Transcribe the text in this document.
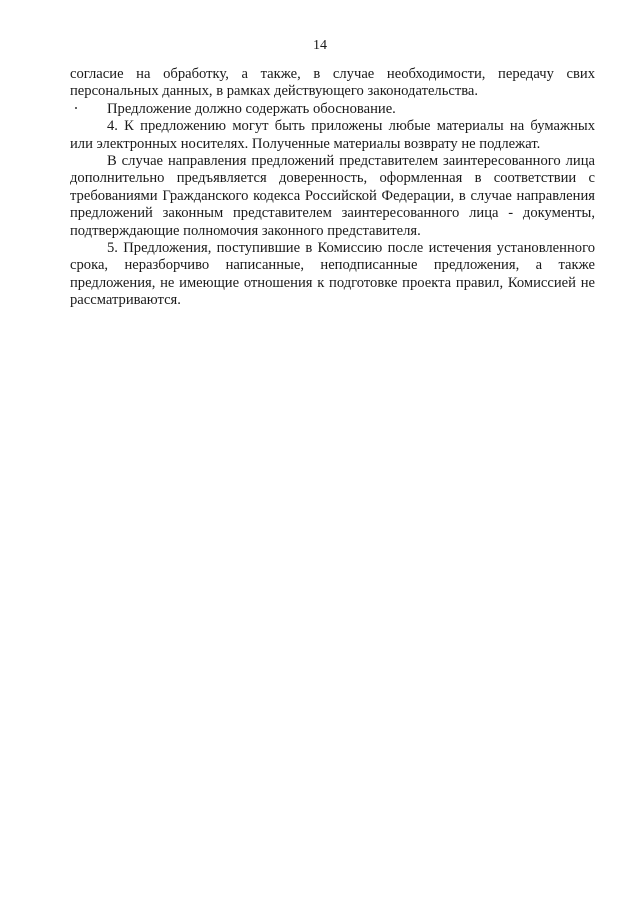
14

согласие на обработку, а также, в случае необходимости, передачу свих персональных данных, в рамках действующего законодательства.

Предложение должно содержать обоснование.

4. К предложению могут быть приложены любые материалы на бумажных или электронных носителях. Полученные материалы возврату не подлежат.

В случае направления предложений представителем заинтересованного лица дополнительно предъявляется доверенность, оформленная в соответствии с требованиями Гражданского кодекса Российской Федерации, в случае направления предложений законным представителем заинтересованного лица - документы, подтверждающие полномочия законного представителя.

5. Предложения, поступившие в Комиссию после истечения установленного срока, неразборчиво написанные, неподписанные предложения, а также предложения, не имеющие отношения к подготовке проекта правил, Комиссией не рассматриваются.
